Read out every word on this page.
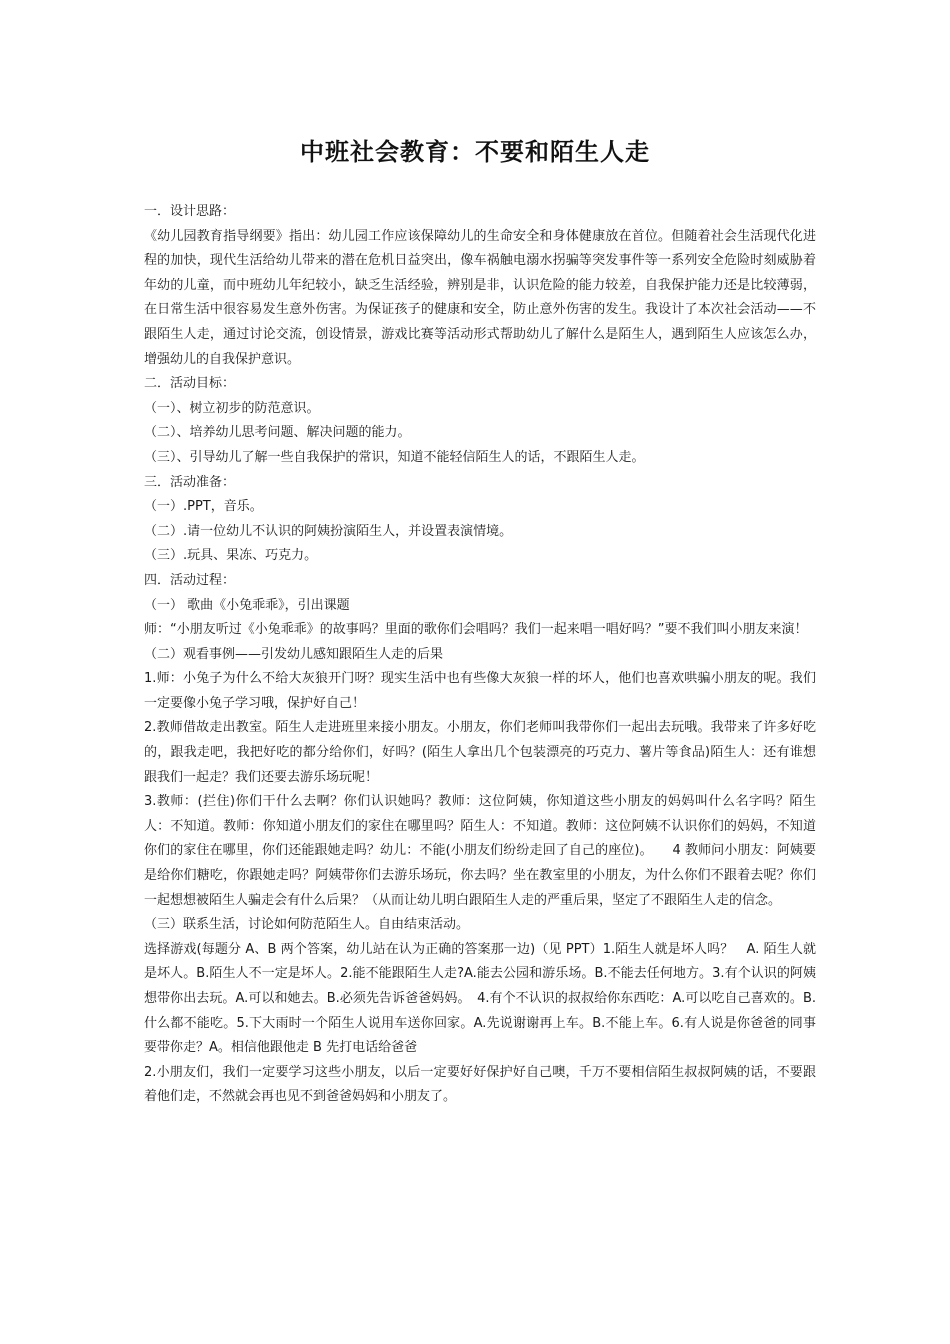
中班社会教育：不要和陌生人走

一．设计思路：

《幼儿园教育指导纲要》指出：幼儿园工作应该保障幼儿的生命安全和身体健康放在首位。但随着社会生活现代化进程的加快，现代生活给幼儿带来的潜在危机日益突出，像车祸触电溺水拐骗等突发事件等一系列安全危险时刻威胁着年幼的儿童，而中班幼儿年纪较小，缺乏生活经验，辨别是非，认识危险的能力较差，自我保护能力还是比较薄弱，在日常生活中很容易发生意外伤害。为保证孩子的健康和安全，防止意外伤害的发生。我设计了本次社会活动——不跟陌生人走，通过讨论交流，创设情景，游戏比赛等活动形式帮助幼儿了解什么是陌生人，遇到陌生人应该怎么办，增强幼儿的自我保护意识。

二．活动目标：

（一）、树立初步的防范意识。

（二）、培养幼儿思考问题、解决问题的能力。

（三）、引导幼儿了解一些自我保护的常识，知道不能轻信陌生人的话，不跟陌生人走。

三．活动准备：

（一）.PPT，音乐。

（二）.请一位幼儿不认识的阿姨扮演陌生人，并设置表演情境。

（三）.玩具、果冻、巧克力。

四．活动过程：

（一） 歌曲《小兔乖乖》，引出课题

师：“小朋友听过《小兔乖乖》的故事吗？里面的歌你们会唱吗？我们一起来唱一唱好吗？”要不我们叫小朋友来演！

（二）观看事例——引发幼儿感知跟陌生人走的后果

1.师：小兔子为什么不给大灰狼开门呀？现实生活中也有些像大灰狼一样的坏人，他们也喜欢哄骗小朋友的呢。我们一定要像小兔子学习哦，保护好自己！

2.教师借故走出教室。陌生人走进班里来接小朋友。小朋友，你们老师叫我带你们一起出去玩哦。我带来了许多好吃的，跟我走吧，我把好吃的都分给你们，好吗？(陌生人拿出几个包装漂亮的巧克力、薯片等食品)陌生人：还有谁想跟我们一起走？我们还要去游乐场玩呢！

3.教师：(拦住)你们干什么去啊？你们认识她吗？教师：这位阿姨，你知道这些小朋友的妈妈叫什么名字吗？陌生人：不知道。教师：你知道小朋友们的家住在哪里吗？陌生人：不知道。教师：这位阿姨不认识你们的妈妈，不知道你们的家住在哪里，你们还能跟她走吗？幼儿：不能(小朋友们纷纷走回了自己的座位)。　　4 教师问小朋友：阿姨要是给你们糖吃，你跟她走吗？阿姨带你们去游乐场玩，你去吗？坐在教室里的小朋友，为什么你们不跟着去呢？你们一起想想被陌生人骗走会有什么后果？（从而让幼儿明白跟陌生人走的严重后果，坚定了不跟陌生人走的信念。

（三）联系生活，讨论如何防范陌生人。自由结束活动。

选择游戏(每题分 A、B 两个答案，幼儿站在认为正确的答案那一边)（见 PPT）1.陌生人就是坏人吗？　A. 陌生人就是坏人。B.陌生人不一定是坏人。2.能不能跟陌生人走?A.能去公园和游乐场。B.不能去任何地方。3.有个认识的阿姨想带你出去玩。A.可以和她去。B.必须先告诉爸爸妈妈。　4.有个不认识的叔叔给你东西吃：A.可以吃自己喜欢的。B.什么都不能吃。5.下大雨时一个陌生人说用车送你回家。A.先说谢谢再上车。B.不能上车。6.有人说是你爸爸的同事要带你走？A。相信他跟他走 B 先打电话给爸爸

2.小朋友们，我们一定要学习这些小朋友，以后一定要好好保护好自己噢，千万不要相信陌生叔叔阿姨的话，不要跟着他们走，不然就会再也见不到爸爸妈妈和小朋友了。
